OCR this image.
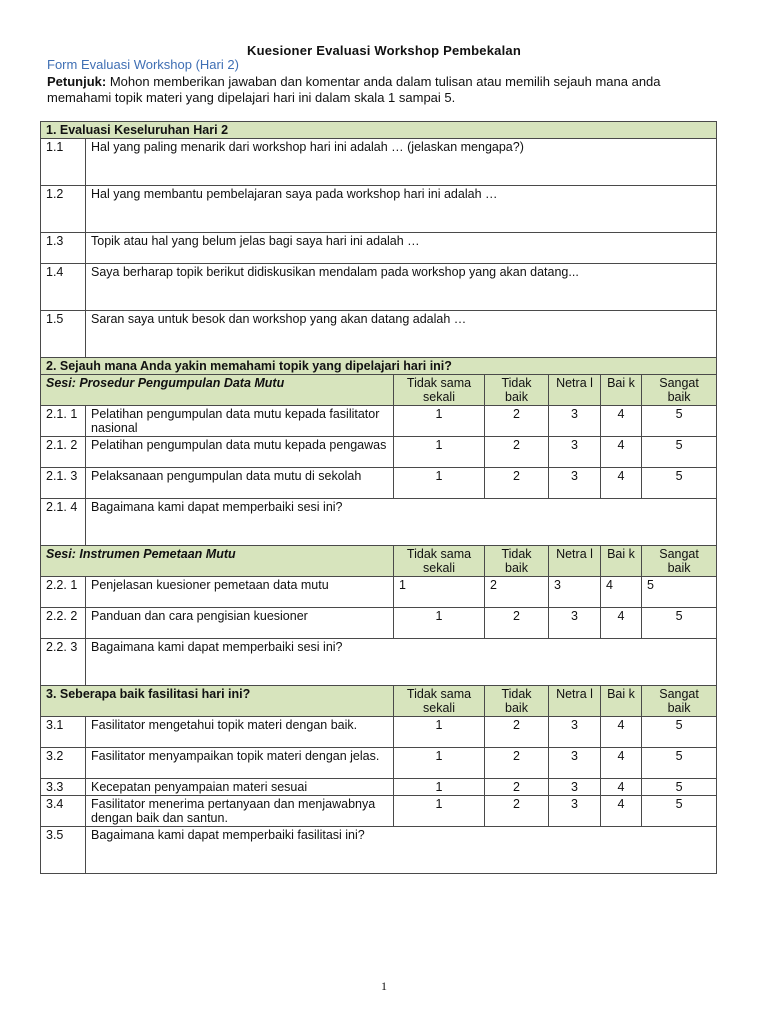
Kuesioner Evaluasi Workshop Pembekalan
Form Evaluasi Workshop (Hari 2)
Petunjuk: Mohon memberikan jawaban dan komentar anda dalam tulisan atau memilih sejauh mana anda memahami topik materi yang dipelajari hari ini dalam skala 1 sampai 5.
1. Evaluasi Keseluruhan Hari 2						
1.1	Hal yang paling menarik dari workshop hari ini adalah … (jelaskan mengapa?)					
1.2	Hal yang membantu pembelajaran saya pada workshop hari ini adalah …					
1.3	Topik atau hal yang belum jelas bagi saya hari ini adalah …					
1.4	Saya berharap topik berikut didiskusikan mendalam pada workshop yang akan datang...					
1.5	Saran saya untuk besok dan workshop yang akan datang adalah …					
2. Sejauh mana Anda yakin memahami topik yang dipelajari hari ini?						
Sesi: Prosedur Pengumpulan Data Mutu		Tidak sama sekali	Tidak baik	Netra l	Bai k	Sangat baik
2.1. 1	Pelatihan pengumpulan data mutu kepada fasilitator nasional	1	2	3	4	5
2.1. 2	Pelatihan pengumpulan data mutu kepada pengawas	1	2	3	4	5
2.1. 3	Pelaksanaan pengumpulan data mutu di sekolah	1	2	3	4	5
2.1. 4	Bagaimana kami dapat memperbaiki sesi ini?					
Sesi: Instrumen Pemetaan Mutu		Tidak sama sekali	Tidak baik	Netra l	Bai k	Sangat baik
2.2. 1	Penjelasan kuesioner pemetaan data mutu	1	2	3	4	5
2.2. 2	Panduan dan cara pengisian kuesioner	1	2	3	4	5
2.2. 3	Bagaimana kami dapat memperbaiki sesi ini?					
3. Seberapa baik fasilitasi hari ini?		Tidak sama sekali	Tidak baik	Netra l	Bai k	Sangat baik
3.1	Fasilitator mengetahui topik materi dengan baik.	1	2	3	4	5
3.2	Fasilitator menyampaikan topik materi dengan jelas.	1	2	3	4	5
3.3	Kecepatan penyampaian materi sesuai	1	2	3	4	5
3.4	Fasilitator menerima pertanyaan dan menjawabnya dengan baik dan santun.	1	2	3	4	5
3.5	Bagaimana kami dapat memperbaiki fasilitasi ini?					
1
